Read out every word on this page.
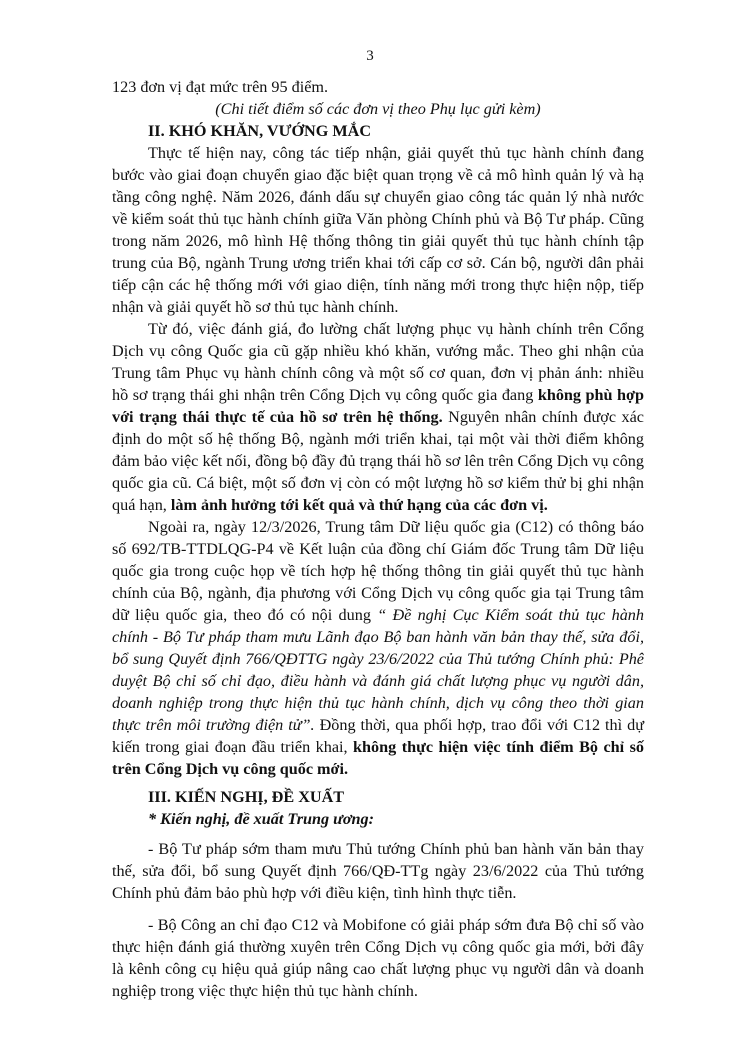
3

123 đơn vị đạt mức trên 95 điểm.

(Chi tiết điểm số các đơn vị theo Phụ lục gửi kèm)

II. KHÓ KHĂN, VƯỚNG MẮC

Thực tế hiện nay, công tác tiếp nhận, giải quyết thủ tục hành chính đang bước vào giai đoạn chuyển giao đặc biệt quan trọng về cả mô hình quản lý và hạ tầng công nghệ. Năm 2026, đánh dấu sự chuyển giao công tác quản lý nhà nước về kiểm soát thủ tục hành chính giữa Văn phòng Chính phủ và Bộ Tư pháp. Cũng trong năm 2026, mô hình Hệ thống thông tin giải quyết thủ tục hành chính tập trung của Bộ, ngành Trung ương triển khai tới cấp cơ sở. Cán bộ, người dân phải tiếp cận các hệ thống mới với giao diện, tính năng mới trong thực hiện nộp, tiếp nhận và giải quyết hồ sơ thủ tục hành chính.

Từ đó, việc đánh giá, đo lường chất lượng phục vụ hành chính trên Cổng Dịch vụ công Quốc gia cũ gặp nhiều khó khăn, vướng mắc. Theo ghi nhận của Trung tâm Phục vụ hành chính công và một số cơ quan, đơn vị phản ánh: nhiều hồ sơ trạng thái ghi nhận trên Cổng Dịch vụ công quốc gia đang không phù hợp với trạng thái thực tế của hồ sơ trên hệ thống. Nguyên nhân chính được xác định do một số hệ thống Bộ, ngành mới triển khai, tại một vài thời điểm không đảm bảo việc kết nối, đồng bộ đầy đủ trạng thái hồ sơ lên trên Cổng Dịch vụ công quốc gia cũ. Cá biệt, một số đơn vị còn có một lượng hồ sơ kiểm thử bị ghi nhận quá hạn, làm ảnh hưởng tới kết quả và thứ hạng của các đơn vị.

Ngoài ra, ngày 12/3/2026, Trung tâm Dữ liệu quốc gia (C12) có thông báo số 692/TB-TTDLQG-P4 về Kết luận của đồng chí Giám đốc Trung tâm Dữ liệu quốc gia trong cuộc họp về tích hợp hệ thống thông tin giải quyết thủ tục hành chính của Bộ, ngành, địa phương với Cổng Dịch vụ công quốc gia tại Trung tâm dữ liệu quốc gia, theo đó có nội dung “ Đề nghị Cục Kiểm soát thủ tục hành chính - Bộ Tư pháp tham mưu Lãnh đạo Bộ ban hành văn bản thay thế, sửa đổi, bổ sung Quyết định 766/QĐTTG ngày 23/6/2022 của Thủ tướng Chính phủ: Phê duyệt Bộ chỉ số chỉ đạo, điều hành và đánh giá chất lượng phục vụ người dân, doanh nghiệp trong thực hiện thủ tục hành chính, dịch vụ công theo thời gian thực trên môi trường điện tử”. Đồng thời, qua phối hợp, trao đổi với C12 thì dự kiến trong giai đoạn đầu triển khai, không thực hiện việc tính điểm Bộ chỉ số trên Cổng Dịch vụ công quốc mới.

III. KIẾN NGHỊ, ĐỀ XUẤT

* Kiến nghị, đề xuất Trung ương:

- Bộ Tư pháp sớm tham mưu Thủ tướng Chính phủ ban hành văn bản thay thế, sửa đổi, bổ sung Quyết định 766/QĐ-TTg ngày 23/6/2022 của Thủ tướng Chính phủ đảm bảo phù hợp với điều kiện, tình hình thực tiễn.

- Bộ Công an chỉ đạo C12 và Mobifone có giải pháp sớm đưa Bộ chỉ số vào thực hiện đánh giá thường xuyên trên Cổng Dịch vụ công quốc gia mới, bởi đây là kênh công cụ hiệu quả giúp nâng cao chất lượng phục vụ người dân và doanh nghiệp trong việc thực hiện thủ tục hành chính.
